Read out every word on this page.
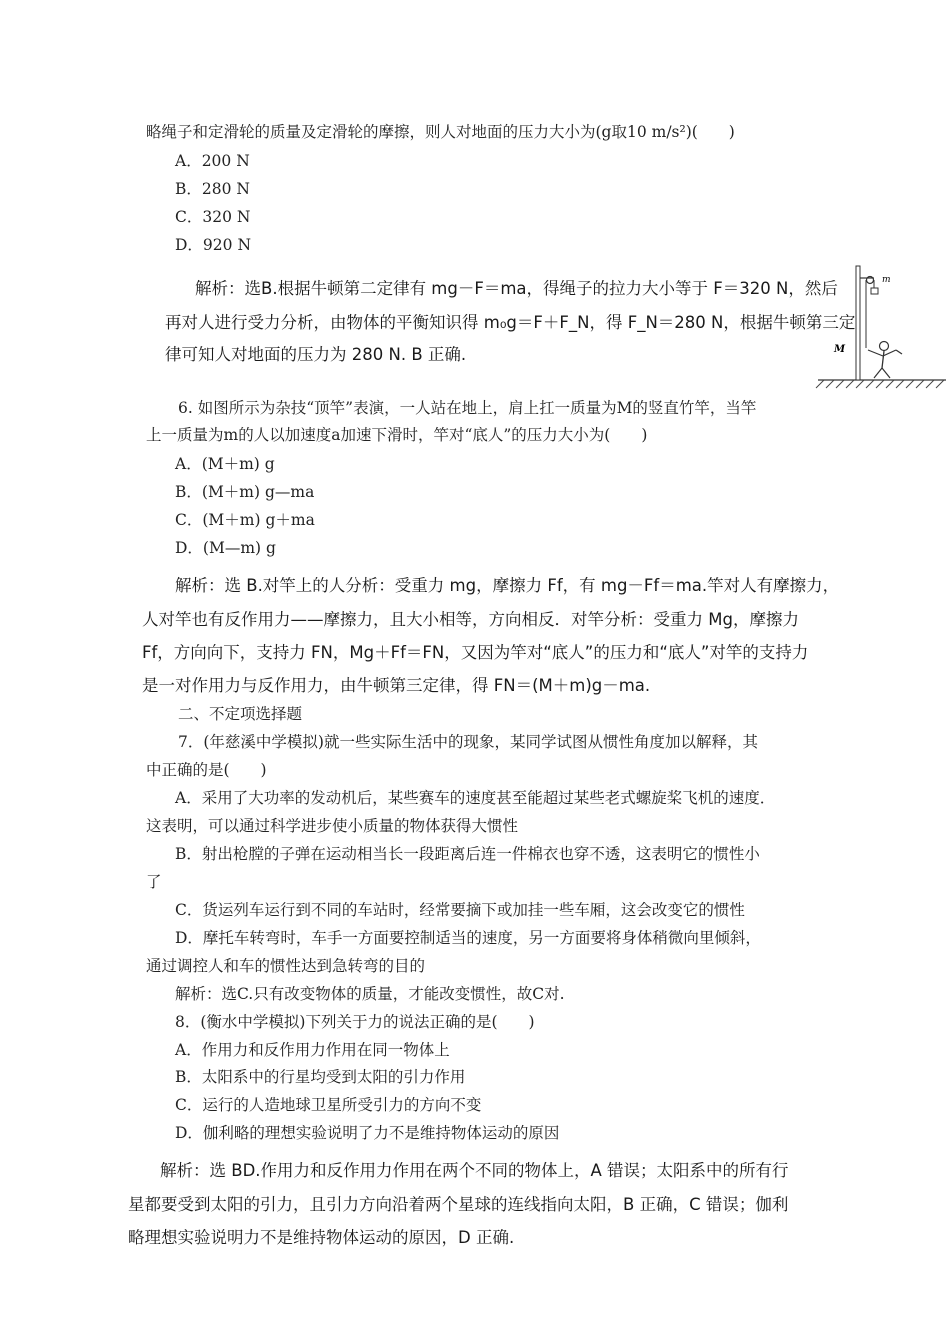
略绳子和定滑轮的质量及定滑轮的摩擦，则人对地面的压力大小为(g取10 m/s²)(　　)
A．200 N
B．280 N
C．320 N
D．920 N
解析：选B.根据牛顿第二定律有 mg－F＝ma，得绳子的拉力大小等于 F＝320 N，然后
再对人进行受力分析，由物体的平衡知识得 m₀g＝F＋F_N，得 F_N＝280 N，根据牛顿第三定
律可知人对地面的压力为 280 N. B 正确.
m
M
6. 如图所示为杂技“顶竿”表演，一人站在地上，肩上扛一质量为M的竖直竹竿，当竿
上一质量为m的人以加速度a加速下滑时，竿对“底人”的压力大小为(　　)
A．(M＋m) g
B．(M＋m) g—ma
C．(M＋m) g＋ma
D．(M—m) g
解析：选 B.对竿上的人分析：受重力 mg，摩擦力 Ff，有 mg－Ff＝ma.竿对人有摩擦力，
人对竿也有反作用力——摩擦力，且大小相等，方向相反．对竿分析：受重力 Mg，摩擦力
Ff，方向向下，支持力 FN，Mg＋Ff＝FN，又因为竿对“底人”的压力和“底人”对竿的支持力
是一对作用力与反作用力，由牛顿第三定律，得 FN＝(M＋m)g－ma.
二、不定项选择题
7．(年慈溪中学模拟)就一些实际生活中的现象，某同学试图从惯性角度加以解释，其
中正确的是(　　)
A．采用了大功率的发动机后，某些赛车的速度甚至能超过某些老式螺旋桨飞机的速度．
这表明，可以通过科学进步使小质量的物体获得大惯性
B．射出枪膛的子弹在运动相当长一段距离后连一件棉衣也穿不透，这表明它的惯性小
了
C．货运列车运行到不同的车站时，经常要摘下或加挂一些车厢，这会改变它的惯性
D．摩托车转弯时，车手一方面要控制适当的速度，另一方面要将身体稍微向里倾斜，
通过调控人和车的惯性达到急转弯的目的
解析：选C.只有改变物体的质量，才能改变惯性，故C对.
8．(衡水中学模拟)下列关于力的说法正确的是(　　)
A．作用力和反作用力作用在同一物体上
B．太阳系中的行星均受到太阳的引力作用
C．运行的人造地球卫星所受引力的方向不变
D．伽利略的理想实验说明了力不是维持物体运动的原因
解析：选 BD.作用力和反作用力作用在两个不同的物体上，A 错误；太阳系中的所有行
星都要受到太阳的引力，且引力方向沿着两个星球的连线指向太阳，B 正确，C 错误；伽利
略理想实验说明力不是维持物体运动的原因，D 正确.
